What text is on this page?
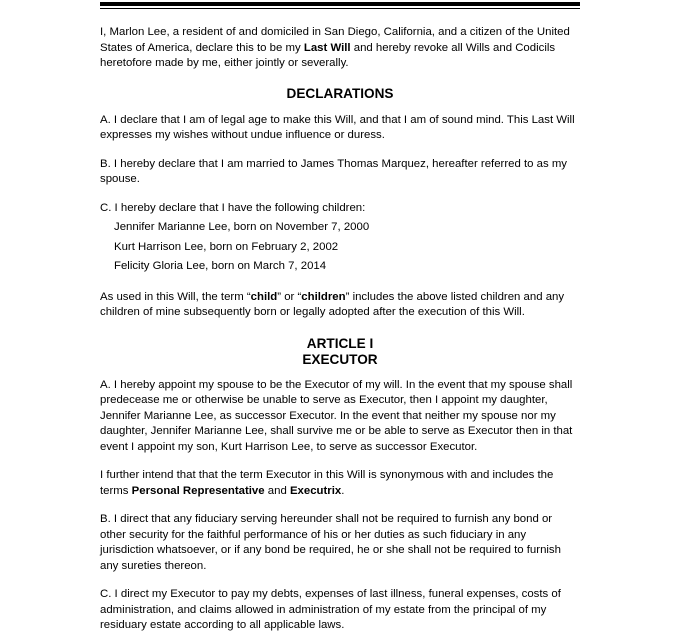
I, Marlon Lee, a resident of and domiciled in San Diego, California, and a citizen of the United States of America, declare this to be my Last Will and hereby revoke all Wills and Codicils heretofore made by me, either jointly or severally.

DECLARATIONS

A. I declare that I am of legal age to make this Will, and that I am of sound mind. This Last Will expresses my wishes without undue influence or duress.

B. I hereby declare that I am married to James Thomas Marquez, hereafter referred to as my spouse.

C. I hereby declare that I have the following children:

Jennifer Marianne Lee, born on November 7, 2000
Kurt Harrison Lee, born on February 2, 2002
Felicity Gloria Lee, born on March 7, 2014

As used in this Will, the term “child” or “children” includes the above listed children and any children of mine subsequently born or legally adopted after the execution of this Will.

ARTICLE I
EXECUTOR

A. I hereby appoint my spouse to be the Executor of my will. In the event that my spouse shall predecease me or otherwise be unable to serve as Executor, then I appoint my daughter, Jennifer Marianne Lee, as successor Executor. In the event that neither my spouse nor my daughter, Jennifer Marianne Lee, shall survive me or be able to serve as Executor then in that event I appoint my son, Kurt Harrison Lee, to serve as successor Executor.

I further intend that that the term Executor in this Will is synonymous with and includes the terms Personal Representative and Executrix.

B. I direct that any fiduciary serving hereunder shall not be required to furnish any bond or other security for the faithful performance of his or her duties as such fiduciary in any jurisdiction whatsoever, or if any bond be required, he or she shall not be required to furnish any sureties thereon.

C. I direct my Executor to pay my debts, expenses of last illness, funeral expenses, costs of administration, and claims allowed in administration of my estate from the principal of my residuary estate according to all applicable laws.
